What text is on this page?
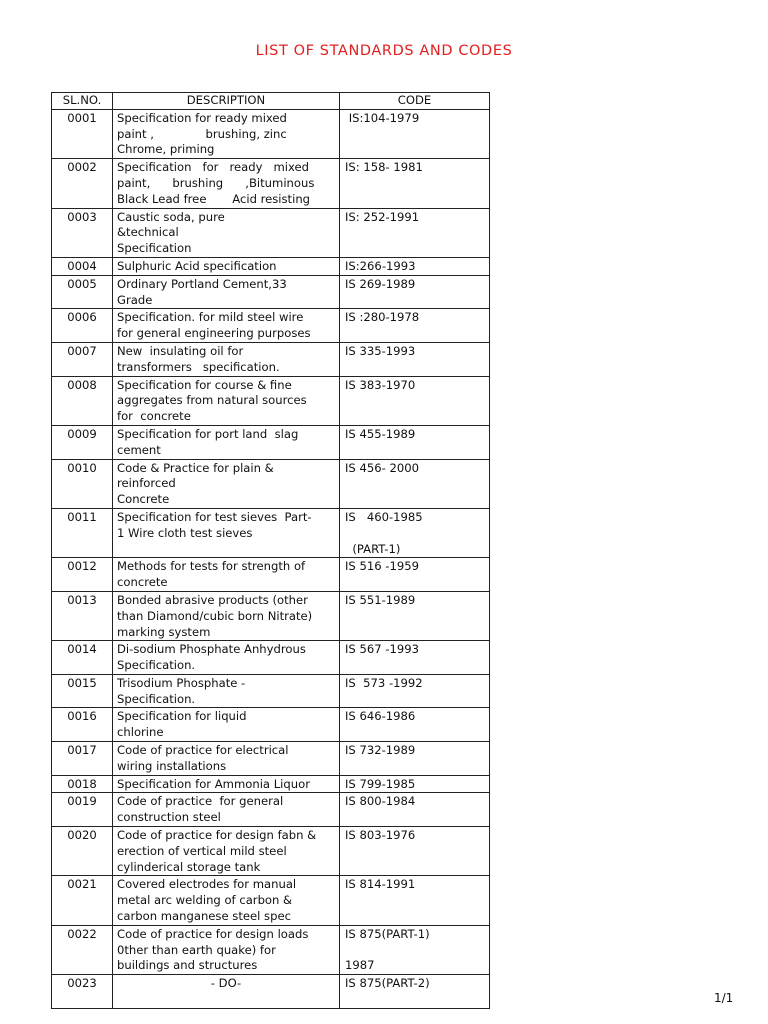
LIST OF STANDARDS AND CODES
SL.NO.	DESCRIPTION	CODE
0001	Specification for ready mixed
paint ,              brushing, zinc
Chrome, priming	IS:104-1979

0002	Specification   for   ready   mixed
paint,      brushing      ,Bituminous
Black Lead free       Acid resisting	IS: 158- 1981

0003	Caustic soda, pure
&technical
Specification	IS: 252-1991

0004	Sulphuric Acid specification	IS:266-1993

0005	Ordinary Portland Cement,33
Grade	IS 269-1989

0006	Specification. for mild steel wire
for general engineering purposes	IS :280-1978

0007	New  insulating oil for
transformers   specification.	IS 335-1993

0008	Specification for course & fine
aggregates from natural sources
for  concrete	IS 383-1970

0009	Specification for port land  slag
cement	IS 455-1989

0010	Code & Practice for plain &
reinforced
Concrete	IS 456- 2000

0011	Specification for test sieves  Part-
1 Wire cloth test sieves	IS   460-1985
(PART-1)

0012	Methods for tests for strength of
concrete	IS 516 -1959

0013	Bonded abrasive products (other
than Diamond/cubic born Nitrate)
marking system	IS 551-1989

0014	Di-sodium Phosphate Anhydrous
Specification.	IS 567 -1993

0015	Trisodium Phosphate -
Specification.	IS  573 -1992

0016	Specification for liquid
chlorine	IS 646-1986

0017	Code of practice for electrical
wiring installations	IS 732-1989

0018	Specification for Ammonia Liquor	IS 799-1985

0019	Code of practice  for general
construction steel	IS 800-1984

0020	Code of practice for design fabn &
erection of vertical mild steel
cylinderical storage tank	IS 803-1976

0021	Covered electrodes for manual
metal arc welding of carbon &
carbon manganese steel spec	IS 814-1991

0022	Code of practice for design loads
0ther than earth quake) for
buildings and structures	IS 875(PART-1)
1987

0023	- DO-	IS 875(PART-2)
1/1
